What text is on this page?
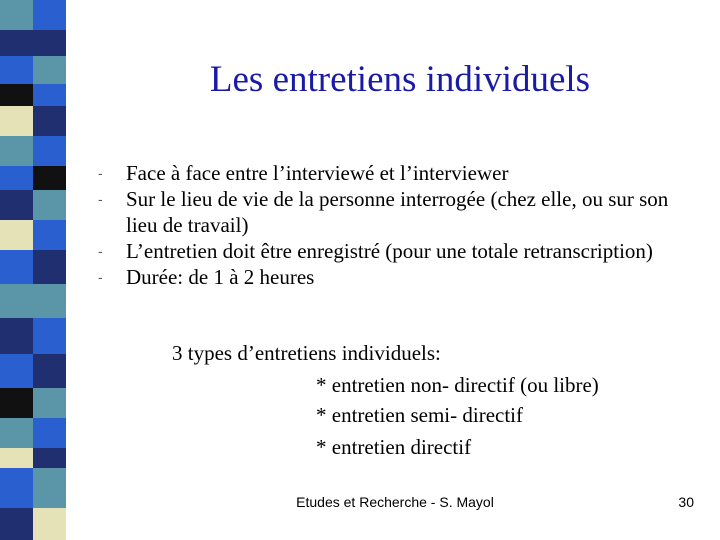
Les entretiens individuels
- Face à face entre l’interviewé et l’interviewer
- Sur le lieu de vie de la personne interrogée (chez elle, ou sur son lieu de travail)
- L’entretien doit être enregistré (pour une totale retranscription)
- Durée: de 1 à 2 heures
3 types d’entretiens individuels:
* entretien non- directif (ou libre)
* entretien semi- directif
* entretien directif
Etudes et Recherche - S. Mayol	30
